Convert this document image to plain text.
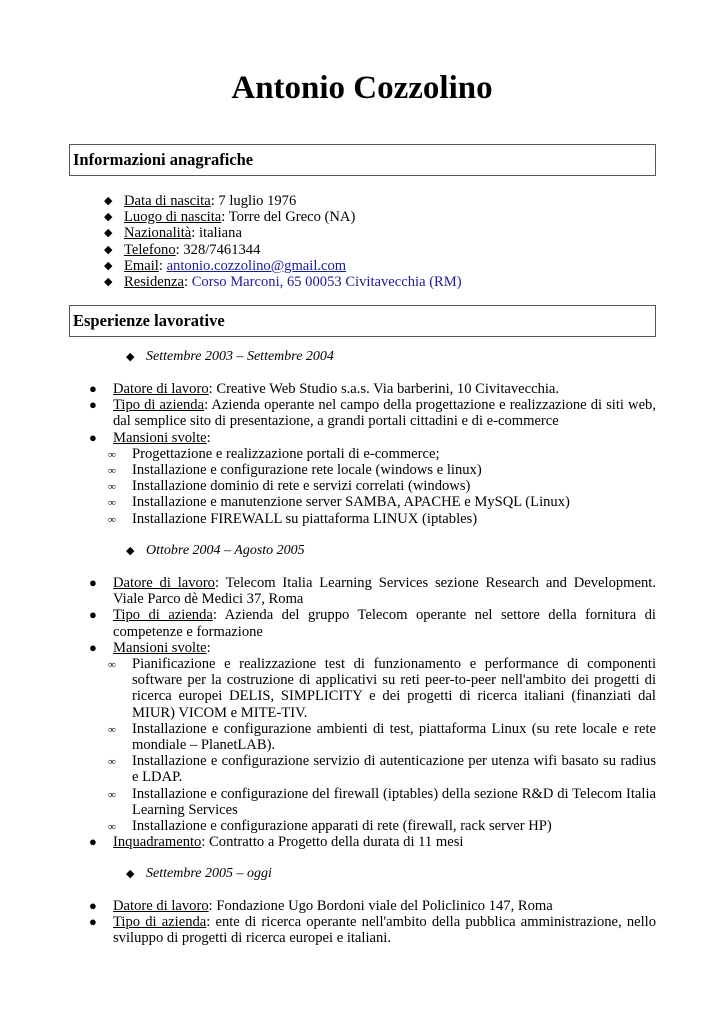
Antonio Cozzolino
Informazioni anagrafiche
◆ Data di nascita: 7 luglio 1976
◆ Luogo di nascita: Torre del Greco (NA)
◆ Nazionalità: italiana
◆ Telefono: 328/7461344
◆ Email: antonio.cozzolino@gmail.com
◆ Residenza: Corso Marconi, 65 00053 Civitavecchia (RM)
Esperienze lavorative
◆ Settembre 2003 – Settembre 2004
● Datore di lavoro: Creative Web Studio s.a.s. Via barberini, 10 Civitavecchia.
● Tipo di azienda: Azienda operante nel campo della progettazione e realizzazione di siti web, dal semplice sito di presentazione, a grandi portali cittadini e di e-commerce
● Mansioni svolte:
∞ Progettazione e realizzazione portali di e-commerce;
∞ Installazione e configurazione rete locale (windows e linux)
∞ Installazione dominio di rete e servizi correlati (windows)
∞ Installazione e manutenzione server SAMBA, APACHE e MySQL (Linux)
∞ Installazione FIREWALL su piattaforma LINUX (iptables)
◆ Ottobre 2004 – Agosto 2005
● Datore di lavoro: Telecom Italia Learning Services sezione Research and Development. Viale Parco dè Medici 37, Roma
● Tipo di azienda: Azienda del gruppo Telecom operante nel settore della fornitura di competenze e formazione
● Mansioni svolte:
∞ Pianificazione e realizzazione test di funzionamento e performance di componenti software per la costruzione di applicativi su reti peer-to-peer nell'ambito dei progetti di ricerca europei DELIS, SIMPLICITY e dei progetti di ricerca italiani (finanziati dal MIUR) VICOM e MITE-TIV.
∞ Installazione e configurazione ambienti di test, piattaforma Linux (su rete locale e rete mondiale – PlanetLAB).
∞ Installazione e configurazione servizio di autenticazione per utenza wifi basato su radius e LDAP.
∞ Installazione e configurazione del firewall (iptables) della sezione R&D di Telecom Italia Learning Services
∞ Installazione e configurazione apparati di rete (firewall, rack server HP)
● Inquadramento: Contratto a Progetto della durata di 11 mesi
◆ Settembre 2005 – oggi
● Datore di lavoro: Fondazione Ugo Bordoni viale del Policlinico 147, Roma
● Tipo di azienda: ente di ricerca operante nell'ambito della pubblica amministrazione, nello sviluppo di progetti di ricerca europei e italiani.
